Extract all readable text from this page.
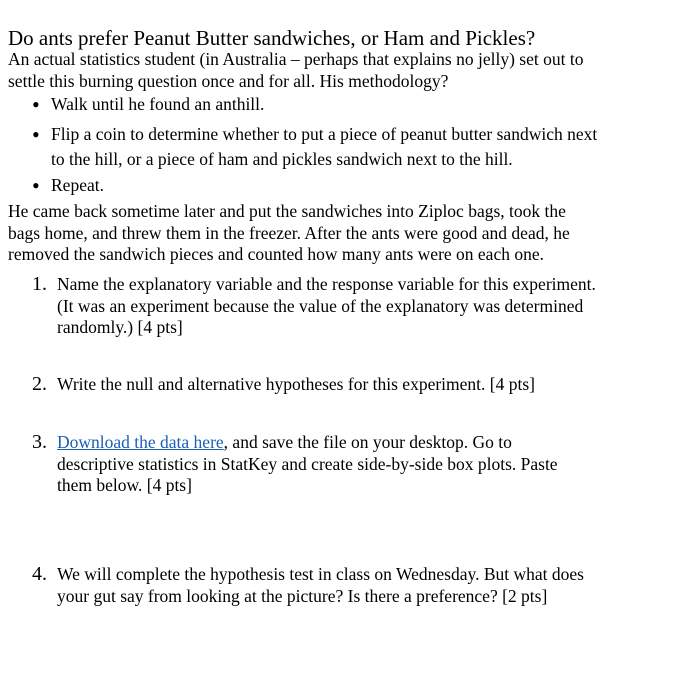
Do ants prefer Peanut Butter sandwiches, or Ham and Pickles?
An actual statistics student (in Australia – perhaps that explains no jelly) set out to
settle this burning question once and for all. His methodology?
• Walk until he found an anthill.
• Flip a coin to determine whether to put a piece of peanut butter sandwich next
to the hill, or a piece of ham and pickles sandwich next to the hill.
• Repeat.
He came back sometime later and put the sandwiches into Ziploc bags, took the
bags home, and threw them in the freezer. After the ants were good and dead, he
removed the sandwich pieces and counted how many ants were on each one.
1. Name the explanatory variable and the response variable for this experiment.
(It was an experiment because the value of the explanatory was determined
randomly.) [4 pts]
2. Write the null and alternative hypotheses for this experiment. [4 pts]
3. Download the data here, and save the file on your desktop. Go to
descriptive statistics in StatKey and create side-by-side box plots. Paste
them below. [4 pts]
4. We will complete the hypothesis test in class on Wednesday. But what does
your gut say from looking at the picture? Is there a preference? [2 pts]
